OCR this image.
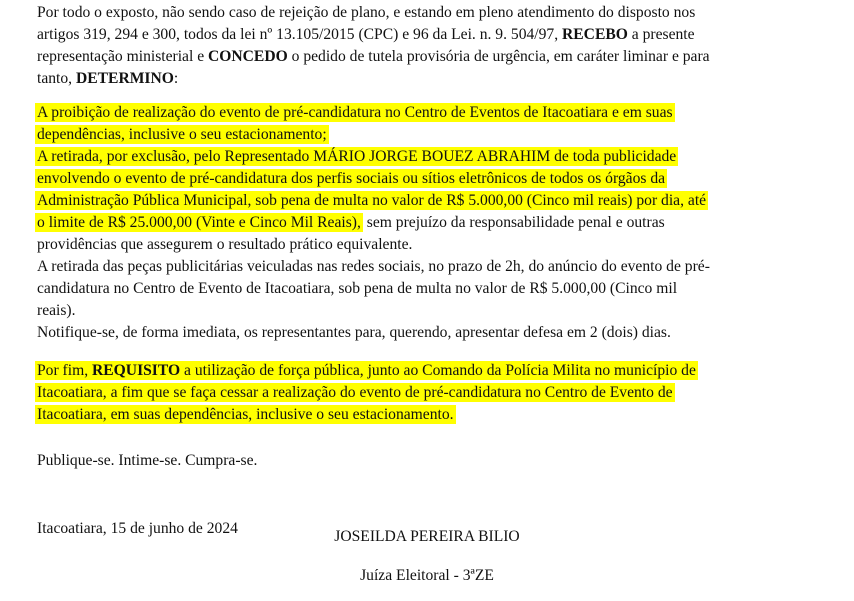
Por todo o exposto, não sendo caso de rejeição de plano, e estando em pleno atendimento do disposto nos
artigos 319, 294 e 300, todos da lei nº 13.105/2015 (CPC) e 96 da Lei. n. 9. 504/97, RECEBO a presente
representação ministerial e CONCEDO o pedido de tutela provisória de urgência, em caráter liminar e para
tanto, DETERMINO:

A proibição de realização do evento de pré-candidatura no Centro de Eventos de Itacoatiara e em suas
dependências, inclusive o seu estacionamento;

A retirada, por exclusão, pelo Representado MÁRIO JORGE BOUEZ ABRAHIM de toda publicidade
envolvendo o evento de pré-candidatura dos perfis sociais ou sítios eletrônicos de todos os órgãos da
Administração Pública Municipal, sob pena de multa no valor de R$ 5.000,00 (Cinco mil reais) por dia, até
o limite de R$ 25.000,00 (Vinte e Cinco Mil Reais), sem prejuízo da responsabilidade penal e outras
providências que assegurem o resultado prático equivalente.

A retirada das peças publicitárias veiculadas nas redes sociais, no prazo de 2h, do anúncio do evento de pré-
candidatura no Centro de Evento de Itacoatiara, sob pena de multa no valor de R$ 5.000,00 (Cinco mil
reais).

Notifique-se, de forma imediata, os representantes para, querendo, apresentar defesa em 2 (dois) dias.

Por fim, REQUISITO a utilização de força pública, junto ao Comando da Polícia Milita no município de
Itacoatiara, a fim que se faça cessar a realização do evento de pré-candidatura no Centro de Evento de
Itacoatiara, em suas dependências, inclusive o seu estacionamento.

Publique-se. Intime-se. Cumpra-se.

Itacoatiara, 15 de junho de 2024	JOSEILDA PEREIRA BILIO
Juíza Eleitoral - 3ªZE
